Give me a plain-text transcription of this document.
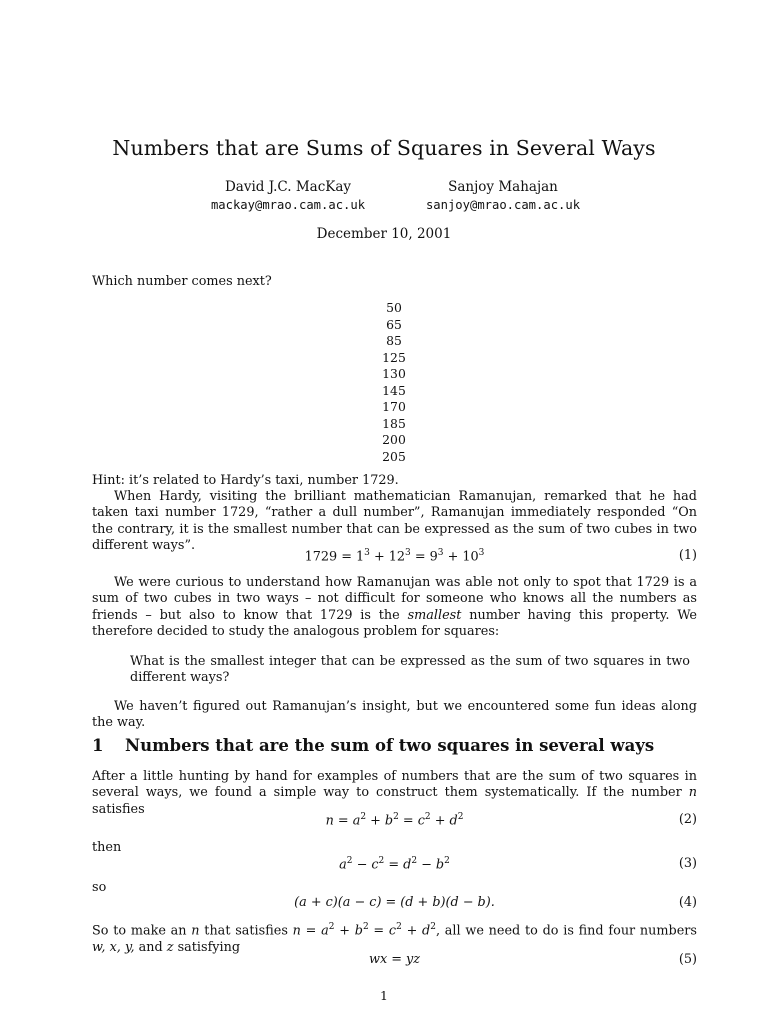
Numbers that are Sums of Squares in Several Ways
David J.C. MacKay
mackay@mrao.cam.ac.uk
Sanjoy Mahajan
sanjoy@mrao.cam.ac.uk
December 10, 2001
Which number comes next?
50
65
85
125
130
145
170
185
200
205
Hint: it’s related to Hardy’s taxi, number 1729.
When Hardy, visiting the brilliant mathematician Ramanujan, remarked that he had taken taxi number 1729, “rather a dull number”, Ramanujan immediately responded “On the contrary, it is the smallest number that can be expressed as the sum of two cubes in two different ways”.
$1729 = 1^3 + 12^3 = 9^3 + 10^3$	(1)
We were curious to understand how Ramanujan was able not only to spot that 1729 is a sum of two cubes in two ways – not difficult for someone who knows all the numbers as friends – but also to know that 1729 is the smallest number having this property. We therefore decided to study the analogous problem for squares:
What is the smallest integer that can be expressed as the sum of two squares in two different ways?
We haven’t figured out Ramanujan’s insight, but we encountered some fun ideas along the way.
1 Numbers that are the sum of two squares in several ways
After a little hunting by hand for examples of numbers that are the sum of two squares in several ways, we found a simple way to construct them systematically. If the number n satisfies
$n = a^2 + b^2 = c^2 + d^2$	(2)
then
$a^2 - c^2 = d^2 - b^2$	(3)
so
(a + c)(a − c) = (d + b)(d − b).	(4)
So to make an n that satisfies $n = a^2 + b^2 = c^2 + d^2$, all we need to do is find four numbers w, x, y, and z satisfying
wx = yz	(5)
1
